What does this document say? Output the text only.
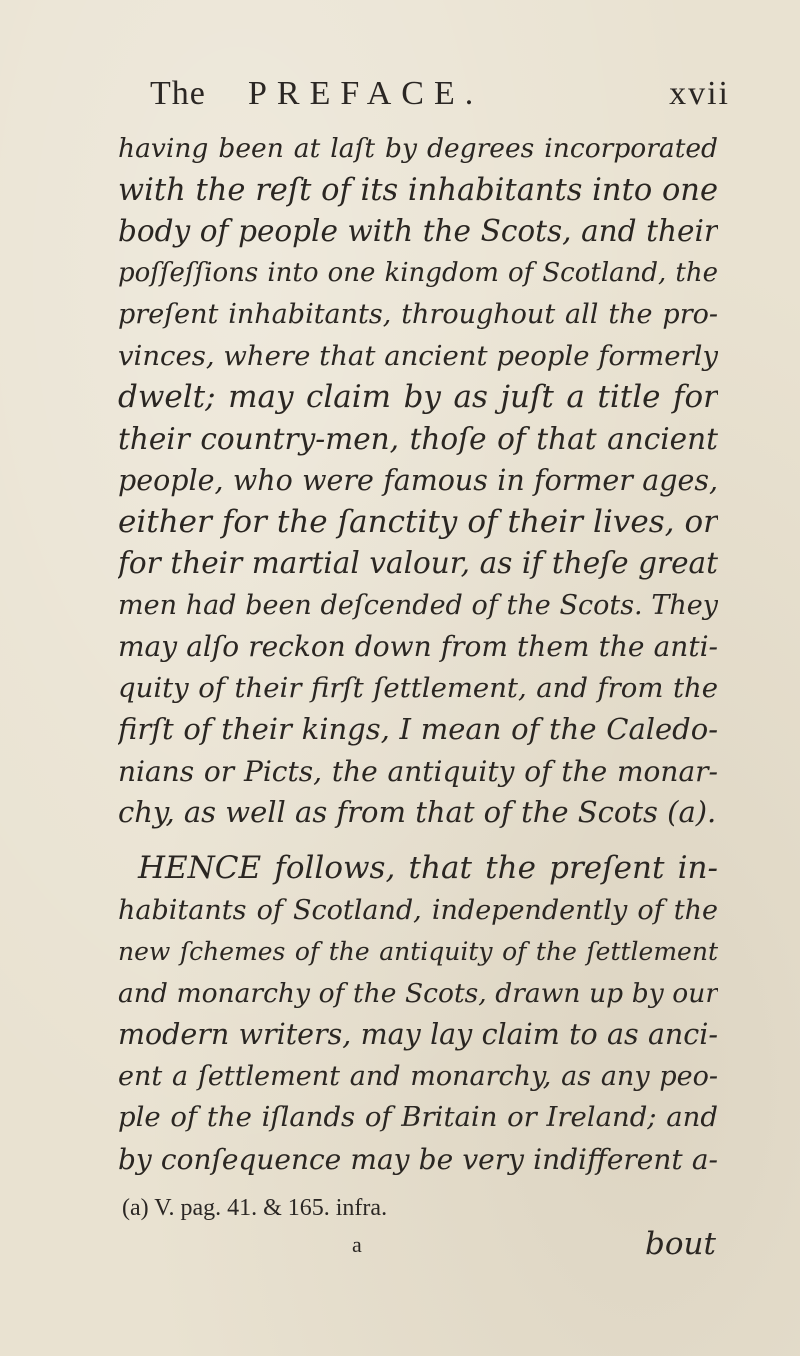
The PREFACE.	xvii
having been at laſt by degrees incorporated
with the reſt of its inhabitants into one
body of people with the Scots, and their
poſſeſſions into one kingdom of Scotland, the
preſent inhabitants, throughout all the pro-
vinces, where that ancient people formerly
dwelt; may claim by as juſt a title for
their country-men, thoſe of that ancient
people, who were famous in former ages,
either for the ſanctity of their lives, or
for their martial valour, as if theſe great
men had been deſcended of the Scots. They
may alſo reckon down from them the anti-
quity of their firſt ſettlement, and from the
firſt of their kings, I mean of the Caledo-
nians or Picts, the antiquity of the monar-
chy, as well as from that of the Scots (a).
HENCE follows, that the preſent in-
habitants of Scotland, independently of the
new ſchemes of the antiquity of the ſettlement
and monarchy of the Scots, drawn up by our
modern writers, may lay claim to as anci-
ent a ſettlement and monarchy, as any peo-
ple of the iſlands of Britain or Ireland; and
by conſequence may be very indifferent a-
(a) V. pag. 41. & 165. infra.
a	bout
